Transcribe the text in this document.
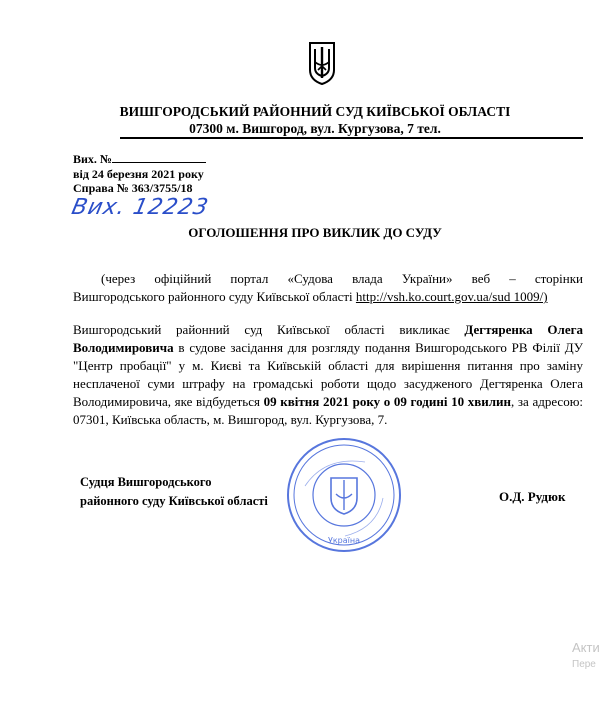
ВИШГОРОДСЬКИЙ РАЙОННИЙ СУД КИЇВСЬКОЇ ОБЛАСТІ
07300 м. Вишгород, вул. Кургузова, 7 тел.
Вих. №
від 24 березня 2021 року
Справа № 363/3755/18
Вих. 12223
ОГОЛОШЕННЯ ПРО ВИКЛИК ДО СУДУ
(через офіційний портал «Судова влада України» веб – сторінки
Вишгородського районного суду Київської області http://vsh.ko.court.gov.ua/sud 1009/)
Вишгородський районний суд Київської області викликає Дегтяренка Олега Володимировича в судове засідання для розгляду подання Вишгородського РВ Філії ДУ "Центр пробації" у м. Києві та Київській області для вирішення питання про заміну несплаченої суми штрафу на громадські роботи щодо засудженого Дегтяренка Олега Володимировича, яке відбудеться 09 квітня 2021 року о 09 годині 10 хвилин, за адресою: 07301, Київська область, м. Вишгород, вул. Кургузова, 7.
Україна
Судця Вишгородського
районного суду Київської області	О.Д. Рудюк
Акти
Пере
